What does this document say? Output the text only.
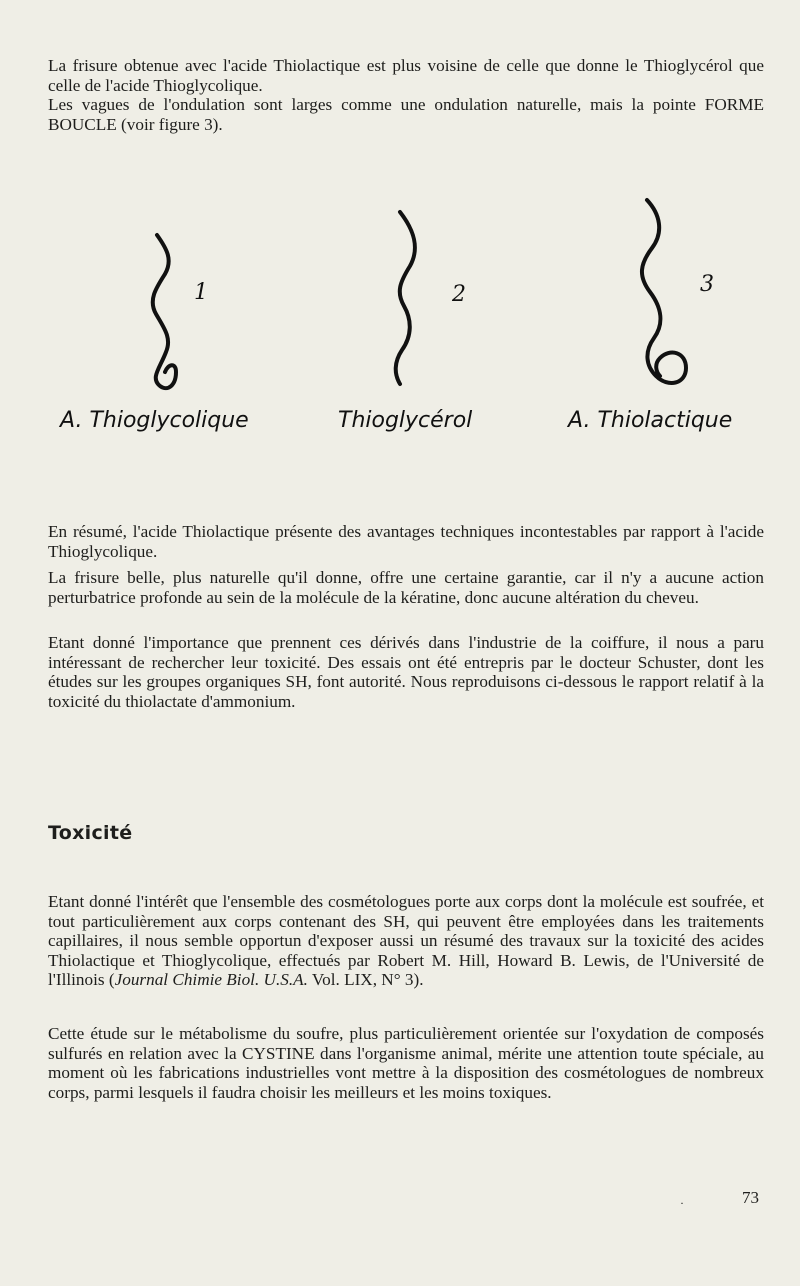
La frisure obtenue avec l'acide Thiolactique est plus voisine de celle que donne le Thioglycérol que celle de l'acide Thioglycolique.

Les vagues de l'ondulation sont larges comme une ondulation naturelle, mais la pointe FORME BOUCLE (voir figure 3).

1	2	3
A. Thioglycolique	Thioglycérol	A. Thiolactique

En résumé, l'acide Thiolactique présente des avantages techniques incontestables par rapport à l'acide Thioglycolique.

La frisure belle, plus naturelle qu'il donne, offre une certaine garantie, car il n'y a aucune action perturbatrice profonde au sein de la molécule de la kératine, donc aucune altération du cheveu.

Etant donné l'importance que prennent ces dérivés dans l'industrie de la coiffure, il nous a paru intéressant de rechercher leur toxicité. Des essais ont été entrepris par le docteur Schuster, dont les études sur les groupes organiques SH, font autorité. Nous reproduisons ci-dessous le rapport relatif à la toxicité du thiolactate d'ammonium.

Toxicité

Etant donné l'intérêt que l'ensemble des cosmétologues porte aux corps dont la molécule est soufrée, et tout particulièrement aux corps contenant des SH, qui peuvent être employées dans les traitements capillaires, il nous semble opportun d'exposer aussi un résumé des travaux sur la toxicité des acides Thiolactique et Thioglycolique, effectués par Robert M. Hill, Howard B. Lewis, de l'Université de l'Illinois (Journal Chimie Biol. U.S.A. Vol. LIX, N° 3).

Cette étude sur le métabolisme du soufre, plus particulièrement orientée sur l'oxydation de composés sulfurés en relation avec la CYSTINE dans l'organisme animal, mérite une attention toute spéciale, au moment où les fabrications industrielles vont mettre à la disposition des cosmétologues de nombreux corps, parmi lesquels il faudra choisir les meilleurs et les moins toxiques.

·	73
